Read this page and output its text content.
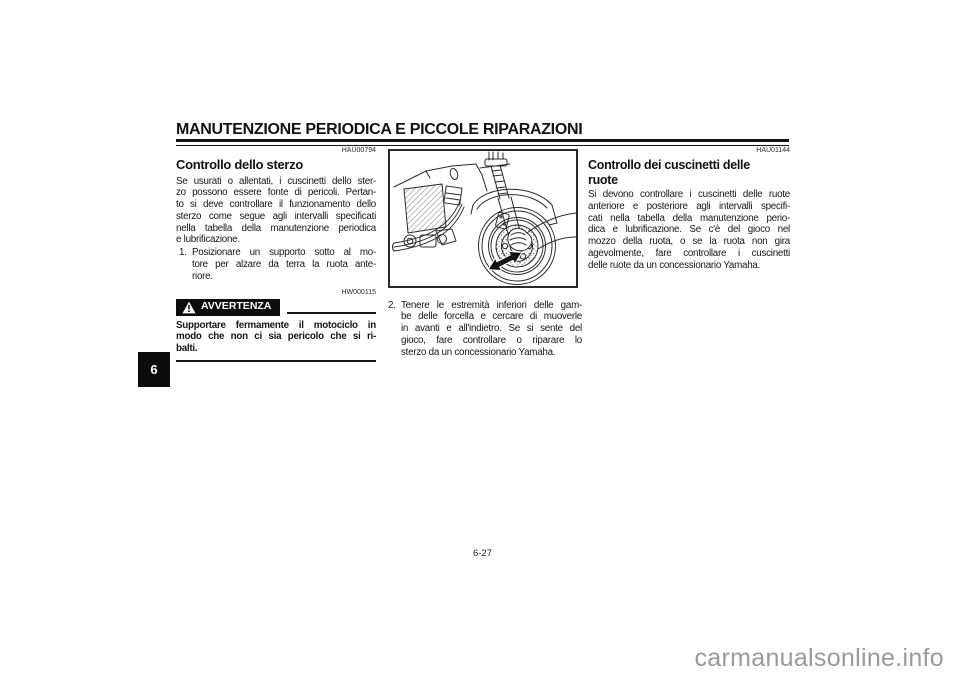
MANUTENZIONE PERIODICA E PICCOLE RIPARAZIONI
HAU00794
Controllo dello sterzo
Se usurati o allentati, i cuscinetti dello ster-
zo possono essere fonte di pericoli. Pertan-
to si deve controllare il funzionamento dello
sterzo come segue agli intervalli specificati
nella tabella della manutenzione periodica
e lubrificazione.
1. Posizionare un supporto sotto al mo-
tore per alzare da terra la ruota ante-
riore.
HW000115
AVVERTENZA
Supportare fermamente il motociclo in
modo che non ci sia pericolo che si ri-
balti.
2. Tenere le estremità inferiori delle gam-
be delle forcella e cercare di muoverle
in avanti e all'indietro. Se si sente del
gioco, fare controllare o riparare lo
sterzo da un concessionario Yamaha.
HAU01144
Controllo dei cuscinetti delle
ruote
Si devono controllare i cuscinetti delle ruote
anteriore e posteriore agli intervalli specifi-
cati nella tabella della manutenzione perio-
dica e lubrificazione. Se c'è del gioco nel
mozzo della ruota, o se la ruota non gira
agevolmente, fare controllare i cuscinetti
delle ruote da un concessionario Yamaha.
6
6-27
carmanualsonline.info
